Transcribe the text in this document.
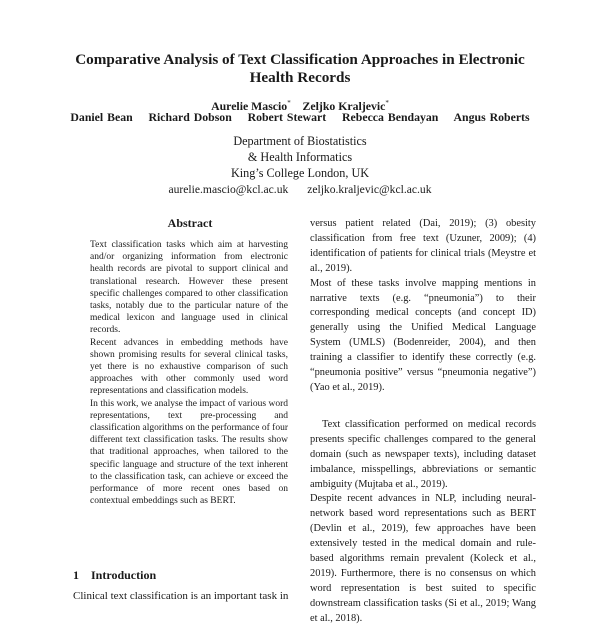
Comparative Analysis of Text Classification Approaches in Electronic Health Records
Aurelie Mascio* Zeljko Kraljevic*
Daniel Bean Richard Dobson Robert Stewart Rebecca Bendayan Angus Roberts
Department of Biostatistics
& Health Informatics
King’s College London, UK
aurelie.mascio@kcl.ac.uk zeljko.kraljevic@kcl.ac.uk
Abstract

Text classification tasks which aim at harvesting and/or organizing information from electronic health records are pivotal to support clinical and translational research. However these present specific challenges compared to other classification tasks, notably due to the particular nature of the medical lexicon and language used in clinical records.

Recent advances in embedding methods have shown promising results for several clinical tasks, yet there is no exhaustive comparison of such approaches with other commonly used word representations and classification models.

In this work, we analyse the impact of various word representations, text pre-processing and classification algorithms on the performance of four different text classification tasks. The results show that traditional approaches, when tailored to the specific language and structure of the text inherent to the classification task, can achieve or exceed the performance of more recent ones based on contextual embeddings such as BERT.

1 Introduction
Clinical text classification is an important task in

versus patient related (Dai, 2019); (3) obesity classification from free text (Uzuner, 2009); (4) identification of patients for clinical trials (Meystre et al., 2019).

Most of these tasks involve mapping mentions in narrative texts (e.g. “pneumonia”) to their corresponding medical concepts (and concept ID) generally using the Unified Medical Language System (UMLS) (Bodenreider, 2004), and then training a classifier to identify these correctly (e.g. “pneumonia positive” versus “pneumonia negative”) (Yao et al., 2019).

Text classification performed on medical records presents specific challenges compared to the general domain (such as newspaper texts), including dataset imbalance, misspellings, abbreviations or semantic ambiguity (Mujtaba et al., 2019).

Despite recent advances in NLP, including neural-network based word representations such as BERT (Devlin et al., 2019), few approaches have been extensively tested in the medical domain and rule-based algorithms remain prevalent (Koleck et al., 2019). Furthermore, there is no consensus on which word representation is best suited to specific downstream classification tasks (Si et al., 2019; Wang et al., 2018).
